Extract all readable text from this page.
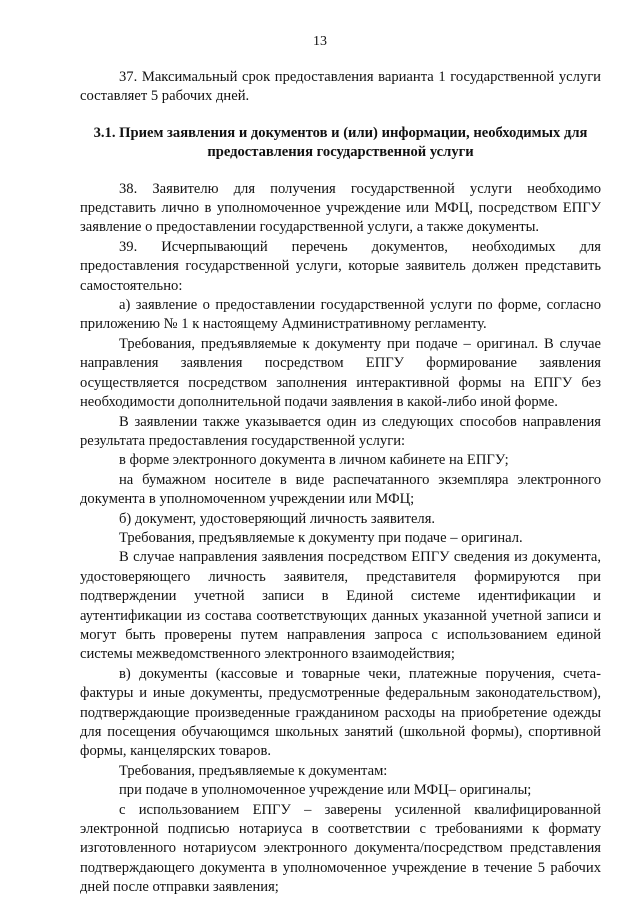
13

37. Максимальный срок предоставления варианта 1 государственной услуги составляет 5 рабочих дней.

3.1. Прием заявления и документов и (или) информации, необходимых для предоставления государственной услуги

38. Заявителю для получения государственной услуги необходимо представить лично в уполномоченное учреждение или МФЦ, посредством ЕПГУ заявление о предоставлении государственной услуги, а также документы.

39. Исчерпывающий перечень документов, необходимых для предоставления государственной услуги, которые заявитель должен представить самостоятельно:

а) заявление о предоставлении государственной услуги по форме, согласно приложению № 1 к настоящему Административному регламенту.

Требования, предъявляемые к документу при подаче – оригинал. В случае направления заявления посредством ЕПГУ формирование заявления осуществляется посредством заполнения интерактивной формы на ЕПГУ без необходимости дополнительной подачи заявления в какой-либо иной форме.

В заявлении также указывается один из следующих способов направления результата предоставления государственной услуги:

в форме электронного документа в личном кабинете на ЕПГУ;

на бумажном носителе в виде распечатанного экземпляра электронного документа в уполномоченном учреждении или МФЦ;

б) документ, удостоверяющий личность заявителя.

Требования, предъявляемые к документу при подаче – оригинал.

В случае направления заявления посредством ЕПГУ сведения из документа, удостоверяющего личность заявителя, представителя формируются при подтверждении учетной записи в Единой системе идентификации и аутентификации из состава соответствующих данных указанной учетной записи и могут быть проверены путем направления запроса с использованием единой системы межведомственного электронного взаимодействия;

в) документы (кассовые и товарные чеки, платежные поручения, счета-фактуры и иные документы, предусмотренные федеральным законодательством), подтверждающие произведенные гражданином расходы на приобретение одежды для посещения обучающимся школьных занятий (школьной формы), спортивной формы, канцелярских товаров.

Требования, предъявляемые к документам:

при подаче в уполномоченное учреждение или МФЦ– оригиналы;

с использованием ЕПГУ – заверены усиленной квалифицированной электронной подписью нотариуса в соответствии с требованиями к формату изготовленного нотариусом электронного документа/посредством представления подтверждающего документа в уполномоченное учреждение в течение 5 рабочих дней после отправки заявления;
